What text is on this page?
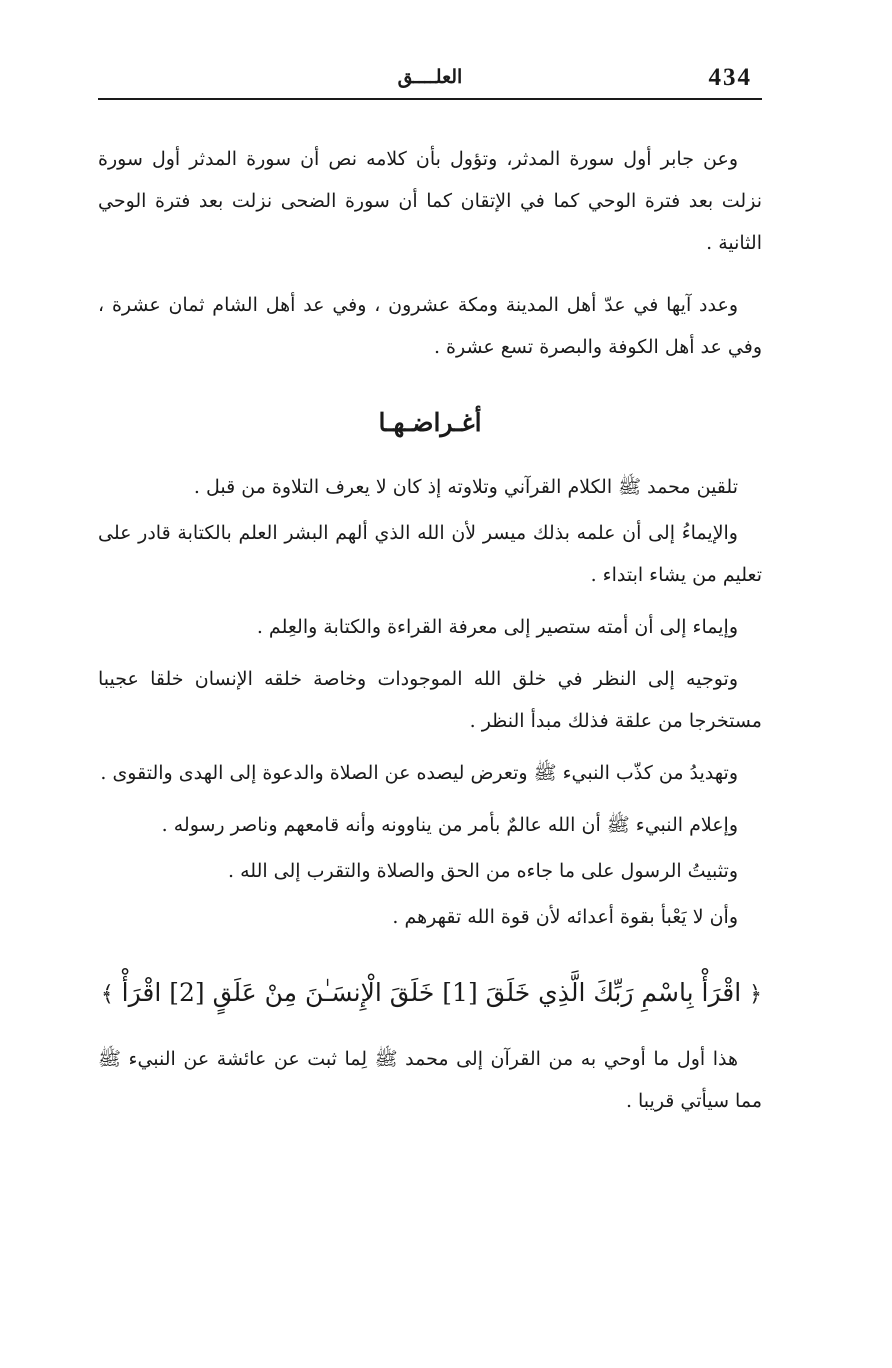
434
العلــــق

وعن جابر أول سورة المدثر، وتؤول بأن كلامه نص أن سورة المدثر أول سورة نزلت بعد فترة الوحي كما في الإتقان كما أن سورة الضحى نزلت بعد فترة الوحي الثانية .

وعدد آيها في عدّ أهل المدينة ومكة عشرون ، وفي عد أهل الشام ثمان عشرة ، وفي عد أهل الكوفة والبصرة تسع عشرة .

أغـراضـهـا

تلقين محمد ﷺ الكلام القرآني وتلاوته إذ كان لا يعرف التلاوة من قبل .

والإيماءُ إلى أن علمه بذلك ميسر لأن الله الذي ألهم البشر العلم بالكتابة قادر على تعليم من يشاء ابتداء .

وإيماء إلى أن أمته ستصير إلى معرفة القراءة والكتابة والعِلم .

وتوجيه إلى النظر في خلق الله الموجودات وخاصة خلقه الإنسان خلقا عجيبا مستخرجا من علقة فذلك مبدأ النظر .

وتهديدُ من كذّب النبيء ﷺ وتعرض ليصده عن الصلاة والدعوة إلى الهدى والتقوى .

وإعلام النبيء ﷺ أن الله عالمٌ بأمر من يناوونه وأنه قامعهم وناصر رسوله .

وتثبيتُ الرسول على ما جاءه من الحق والصلاة والتقرب إلى الله .

وأن لا يَعْبأ بقوة أعدائه لأن قوة الله تقهرهم .

﴿ اقْرَأْ بِاسْمِ رَبِّكَ الَّذِي خَلَقَ [1] خَلَقَ الْإِنسَـٰنَ مِنْ عَلَقٍ [2] اقْرَأْ ﴾

هذا أول ما أوحي به من القرآن إلى محمد ﷺ لِما ثبت عن عائشة عن النبيء ﷺ مما سيأتي قريبا .
